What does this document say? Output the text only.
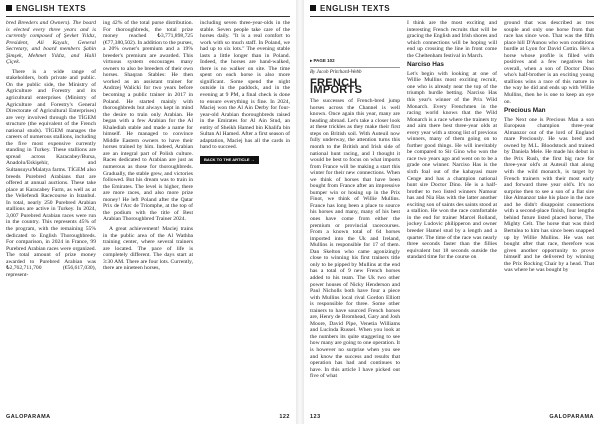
ENGLISH TEXTS

bred Breeders and Owners). The board is elected every three years and is currently composed of Şevket Yıldız, President, Ali Kayalı, General Secretary, and board members Şahin Şimşek, Mehmet Yıldız, and Halil Çiçek.

There is a wide range of stakeholders, both private and public. On the public side, the Ministry of Agriculture and Forestry and its agricultural enterprises (Ministry of Agriculture and Forestry's General Directorate of Agricultural Enterprises) are very involved through the TİGEM structure (the equivalent of the French national studs). TİGEM manages the careers of numerous stallions, including the five most expensive currently standing in Turkey. These stallions are spread across Karacabey/Bursa, Anadolu/Eskişehir, and Sultansuyu/Malatya farms. TİGEM also breeds Purebred Arabians that are offered at annual auctions. These take place at Karacabey Farm, as well as at the Veliefendi Racecourse in Istanbul. In total, nearly 250 Purebred Arabian stallions are active in Turkey. In 2024, 3,007 Purebred Arabian races were run in the country. This represents 45% of the program, with the remaining 55% dedicated to English Thoroughbreds. For comparison, in 2024 in France, 99 Purebred Arabian races were organized. The total amount of prize money awarded to Purebred Arabian was ₺2,762,711,700 (€56,617,030), represent-

ing 42% of the total purse distribution. For thoroughbreds, the total prize money reached ₺3,771,898,725 (€77,380,502). In addition to the purses, a 20% owner's premium and a 19% breeder's premium are awarded. This virtuous system encourages many owners to also be breeders of their own horses. Shaqran Stables: He then worked as an assistant trainer for Andrzej Walicki for two years before becoming a public trainer in 2017 in Poland. He started mainly with thoroughbreds but always kept in mind the desire to train only Arabian. He began with a few Arabian for the Al Khalediah stable and made a name for himself. He managed to convince Middle Eastern owners to have their horses trained by him. Indeed, Arabian are an integral part of Polish culture. Races dedicated to Arabian are just as numerous as those for thoroughbreds. Gradually, the stable grew, and victories followed. But his dream was to train in the Emirates. The level is higher, there are more races, and also more prize money! He left Poland after the Qatar Prix de l'Arc de Triomphe, at the top of the podium with the title of Best Arabian Thoroughbred Trainer 2024.

A great achievement! Maciej trains in the public area of the Al Wathba training center, where several trainers are located. The pace of life is completely different. The days start at 3:30 AM. There are four lots. Currently, there are nineteen horses,

including seven three-year-olds in the stable. Seven people take care of the horses daily. "It is a real comfort to work with so much staff. In Poland, we had up to six lots." The evening stable lasts a little longer than in Poland. Indeed, the horses are hand-walked, there is no walker on site. The time spent on each horse is also more significant. Some spend the night outside in the paddock, and in the evening at 9 PM, a final check is done to ensure everything is fine. In 2024, Maciej won the Al Ain Derby for four-year-old Arabian thoroughbreds raised in the Emirates for Al Ain Stud, an entity of Sheikh Hamed bin Khalifa bin Sultan Al Hamed. After a first season of adaptation, Maciej has all the cards in hand to succeed.

BACK TO THE ARTICLE →
GALOPARAMA	122
ENGLISH TEXTS
▸ PAGE 102
By Jacob Pritchard-Webb
FRENCH IMPORTS

The successes of French-bred jump horses across the Channel is well known. Once again this year, many are heading abroad. Let's take a closer look at these trickles as they make their first steps on British soil. With Auteuil now fully underway, the attention turns this month to the British and Irish side of national hunt racing, and I thought it would be best to focus on what imports from France will be making a start this winter for their new connections. When we think of horses that have been bought from France after an impressive bumper win or hosing up in the Prix Finot, we think of Willie Mullins. France has long been a place to source his horses and many, many of his best ones have come from either the premium or provincial racecourses. From a known total of 64 horses imported into the Uk and Ireland, Mullins is responsible for 17 of them. Dan Skelton who came agonizingly close to winning his first trainers title only to be pipped by Mullins at the end has a total of 9 new French horses added to his team. The Uk two other power houses of Nicky Henderson and Paul Nicholls both have four a piece with Mullins local rival Gordon Elliott is responsible for three. Some other trainers to have sourced French horses are, Henry de Bromhead, Gary and Josh Moore, David Pipe, Venetia Williams and Lucinda Russel. When you look at the numbers its quite staggering to see how many are going to one operation. It is however no surprise when you see and know the success and results that operation has had and continues to have. In this article I have picked out five of what

I think are the most exciting and interesting French recruits that will be gracing the English and Irish shores and which connections will be hoping will end up crossing the line in front come the Cheltenham festival in March.

Narciso Has

Let's begin with looking at one of Willie Mullins most exciting recruit, one who is already near the top of the triumph hurdle betting. Narciso Has this year's winner of the Prix Wild Monarch. Every Frenchmen in the racing world knows that the Wild Monarch is a race where the trainers try and aim there best three-year olds at every year with a strong list of previous winners, many of them going on to further good things. He will inevitably be compared to Sir Gino who won the race two years ago and went on to be a grade one winner. Narciso Has is the sixth foal out of the kahayasi mare Cenge and has a champion national hunt sire Doctor Dino. He is a half-brother to two listed winners Namour has and Nia Has with the latter another exciting son of saints des saints stood at a stallion. He won the race comfortable in the end for trainer Marcel Rolland, jockey Ludovic philipperon and owner breeder Hamel stud by a length and a quarter. The time of the race was nearly three seconds faster than the fillies equivalent but 18 seconds outside the standard time for the course on

ground that was described as tres souple and only one horse from that race has since won. That was the fifth place hill D'Aunou who won conditions hurdle at Lyon for David Cottin. He's a horse whose profile is filled with positives and a few negatives but overall, when a son of Doctor Dino who's half-brother is an exciting young stallions wins a race of this nature in the way he did and ends up with Willie Mullins, then he is one to keep an eye on.

Precious Man

The Next one is Precious Man a son European champion three-year Almanzor out of the lord of England mare Preciously. He was bred and owned by M.L. Bloodstock and trained by Daniela Mele. He made his debut in the Prix Rush, the first big race for three-year old's at Auteuil that along with the wild monarch, is target by French trainers with their most early and forward three year old's. It's no surprise then to see a son of a flat sire like Almanzor take his place in the race and he didn't disappoint connections with a second-place finish, four lengths behind future listed placed horse, The Mighty Celt. The horse that was third Bertulea to him has since been snapped up by Willie Mullins. He was not bought after that race, therefore was given another opportunity to prove himself and he delivered by winning the Prix Rocking Chair by a head. That was where he was bought by

123	GALOPARAMA
